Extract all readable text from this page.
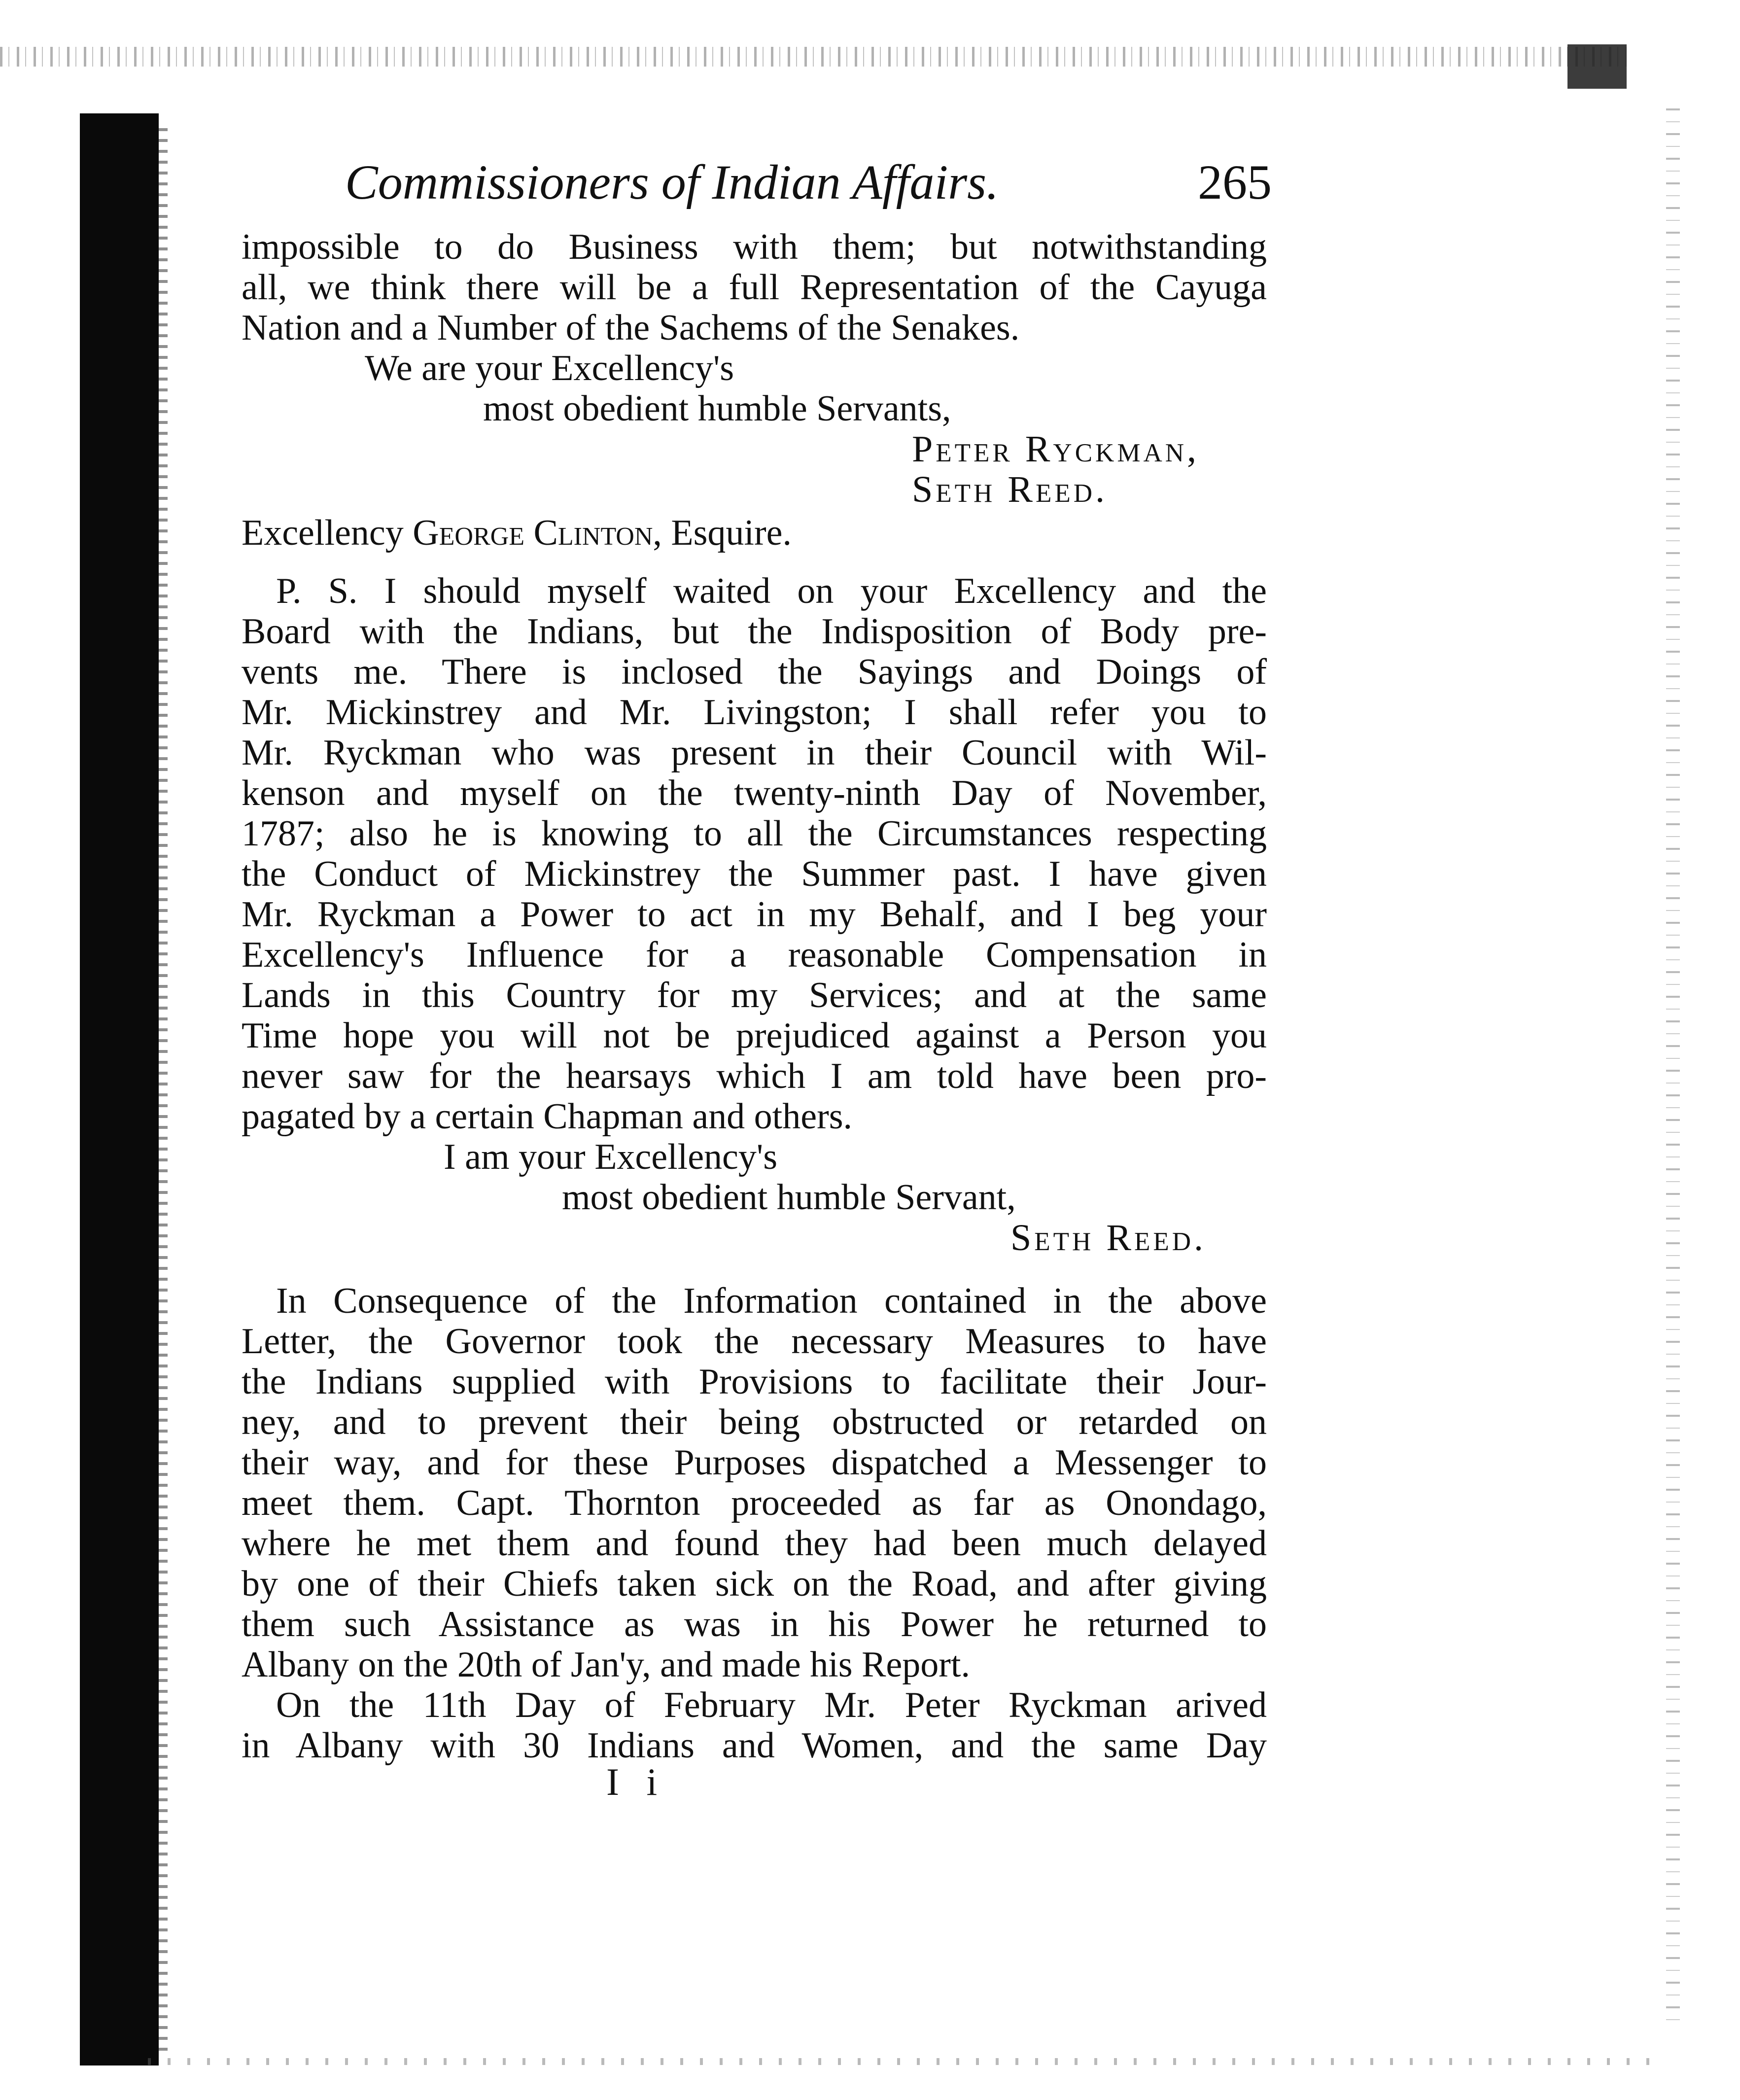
Commissioners of Indian Affairs.	265
impossible to do Business with them; but notwithstanding
all, we think there will be a full Representation of the Cayuga
Nation and a Number of the Sachems of the Senakes.
We are your Excellency's
most obedient humble Servants,
Peter Ryckman,
Seth Reed.
Excellency George Clinton, Esquire.
P. S. I should myself waited on your Excellency and the
Board with the Indians, but the Indisposition of Body pre-
vents me. There is inclosed the Sayings and Doings of
Mr. Mickinstrey and Mr. Livingston; I shall refer you to
Mr. Ryckman who was present in their Council with Wil-
kenson and myself on the twenty-ninth Day of November,
1787; also he is knowing to all the Circumstances respecting
the Conduct of Mickinstrey the Summer past. I have given
Mr. Ryckman a Power to act in my Behalf, and I beg your
Excellency's Influence for a reasonable Compensation in
Lands in this Country for my Services; and at the same
Time hope you will not be prejudiced against a Person you
never saw for the hearsays which I am told have been pro-
pagated by a certain Chapman and others.
I am your Excellency's
most obedient humble Servant,
Seth Reed.
In Consequence of the Information contained in the above
Letter, the Governor took the necessary Measures to have
the Indians supplied with Provisions to facilitate their Jour-
ney, and to prevent their being obstructed or retarded on
their way, and for these Purposes dispatched a Messenger to
meet them. Capt. Thornton proceeded as far as Onondago,
where he met them and found they had been much delayed
by one of their Chiefs taken sick on the Road, and after giving
them such Assistance as was in his Power he returned to
Albany on the 20th of Jan'y, and made his Report.
On the 11th Day of February Mr. Peter Ryckman arived
in Albany with 30 Indians and Women, and the same Day
I i
